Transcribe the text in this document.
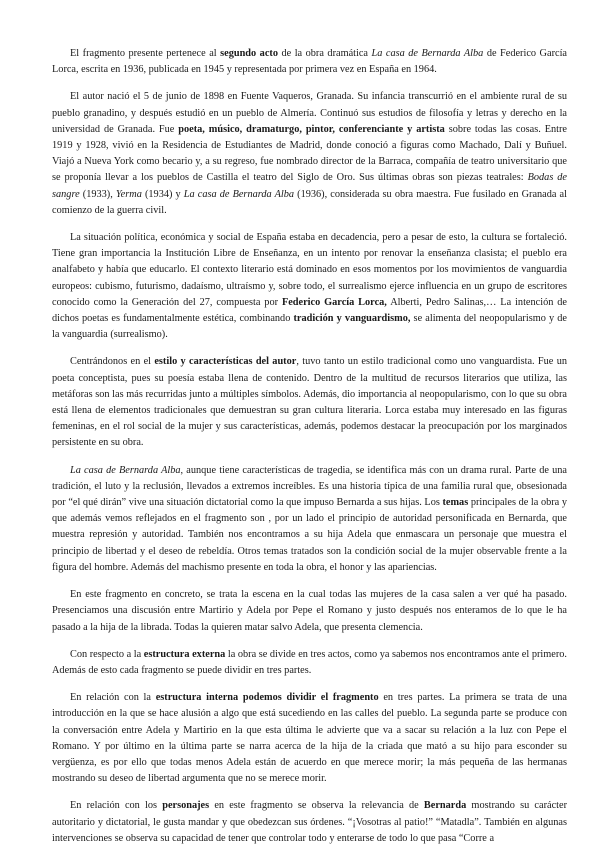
El fragmento presente pertenece al segundo acto de la obra dramática La casa de Bernarda Alba de Federico García Lorca, escrita en 1936, publicada en 1945 y representada por primera vez en España en 1964.

El autor nació el 5 de junio de 1898 en Fuente Vaqueros, Granada. Su infancia transcurrió en el ambiente rural de su pueblo granadino, y después estudió en un pueblo de Almería. Continuó sus estudios de filosofía y letras y derecho en la universidad de Granada. Fue poeta, músico, dramaturgo, pintor, conferenciante y artista sobre todas las cosas. Entre 1919 y 1928, vivió en la Residencia de Estudiantes de Madrid, donde conoció a figuras como Machado, Dalí y Buñuel. Viajó a Nueva York como becario y, a su regreso, fue nombrado director de la Barraca, compañía de teatro universitario que se proponía llevar a los pueblos de Castilla el teatro del Siglo de Oro. Sus últimas obras son piezas teatrales: Bodas de sangre (1933), Yerma (1934) y La casa de Bernarda Alba (1936), considerada su obra maestra. Fue fusilado en Granada al comienzo de la guerra civil.

La situación política, económica y social de España estaba en decadencia, pero a pesar de esto, la cultura se fortaleció. Tiene gran importancia la Institución Libre de Enseñanza, en un intento por renovar la enseñanza clasista; el pueblo era analfabeto y había que educarlo. El contexto literario está dominado en esos momentos por los movimientos de vanguardia europeos: cubismo, futurismo, dadaísmo, ultraísmo y, sobre todo, el surrealismo ejerce influencia en un grupo de escritores conocido como la Generación del 27, compuesta por Federico García Lorca, Alberti, Pedro Salinas,… La intención de dichos poetas es fundamentalmente estética, combinando tradición y vanguardismo, se alimenta del neopopularismo y de la vanguardia (surrealismo).

Centrándonos en el estilo y características del autor, tuvo tanto un estilo tradicional como uno vanguardista. Fue un poeta conceptista, pues su poesía estaba llena de contenido. Dentro de la multitud de recursos literarios que utiliza, las metáforas son las más recurridas junto a múltiples símbolos. Además, dio importancia al neopopularismo, con lo que su obra está llena de elementos tradicionales que demuestran su gran cultura literaria. Lorca estaba muy interesado en las figuras femeninas, en el rol social de la mujer y sus características, además, podemos destacar la preocupación por los marginados persistente en su obra.

La casa de Bernarda Alba, aunque tiene características de tragedia, se identifica más con un drama rural. Parte de una tradición, el luto y la reclusión, llevados a extremos increíbles. Es una historia típica de una familia rural que, obsesionada por “el qué dirán” vive una situación dictatorial como la que impuso Bernarda a sus hijas. Los temas principales de la obra y que además vemos reflejados en el fragmento son , por un lado el principio de autoridad personificada en Bernarda, que muestra represión y autoridad. También nos encontramos a su hija Adela que enmascara un personaje que muestra el principio de libertad y el deseo de rebeldía. Otros temas tratados son la condición social de la mujer observable frente a la figura del hombre. Además del machismo presente en toda la obra, el honor y las apariencias.

En este fragmento en concreto, se trata la escena en la cual todas las mujeres de la casa salen a ver qué ha pasado. Presenciamos una discusión entre Martirio y Adela por Pepe el Romano y justo después nos enteramos de lo que le ha pasado a la hija de la librada. Todas la quieren matar salvo Adela, que presenta clemencia.

Con respecto a la estructura externa la obra se divide en tres actos, como ya sabemos nos encontramos ante el primero. Además de esto cada fragmento se puede dividir en tres partes.

En relación con la estructura interna podemos dividir el fragmento en tres partes. La primera se trata de una introducción en la que se hace alusión a algo que está sucediendo en las calles del pueblo. La segunda parte se produce con la conversación entre Adela y Martirio en la que esta última le advierte que va a sacar su relación a la luz con Pepe el Romano. Y por último en la última parte se narra acerca de la hija de la criada que mató a su hijo para esconder su vergüenza, es por ello que todas menos Adela están de acuerdo en que merece morir; la más pequeña de las hermanas mostrando su deseo de libertad argumenta que no se merece morir.

En relación con los personajes en este fragmento se observa la relevancia de Bernarda mostrando su carácter autoritario y dictatorial, le gusta mandar y que obedezcan sus órdenes. “¡Vosotras al patio!” “Matadla”. También en algunas intervenciones se observa su capacidad de tener que controlar todo y enterarse de todo lo que pasa “Corre a
